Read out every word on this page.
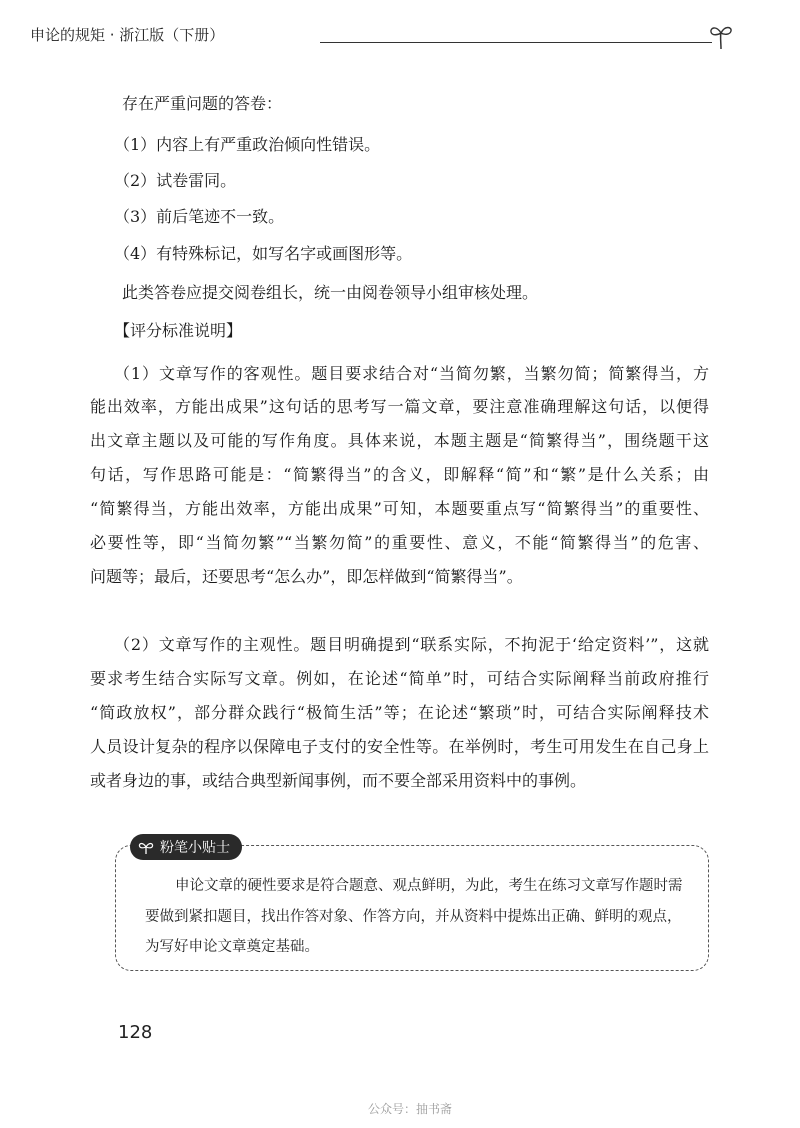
申论的规矩 · 浙江版（下册）
存在严重问题的答卷：
（1）内容上有严重政治倾向性错误。
（2）试卷雷同。
（3）前后笔迹不一致。
（4）有特殊标记，如写名字或画图形等。
此类答卷应提交阅卷组长，统一由阅卷领导小组审核处理。
【评分标准说明】
（1）文章写作的客观性。题目要求结合对“当简勿繁，当繁勿简；简繁得当，方
能出效率，方能出成果”这句话的思考写一篇文章，要注意准确理解这句话，以便得
出文章主题以及可能的写作角度。具体来说，本题主题是“简繁得当”，围绕题干这
句话，写作思路可能是：“简繁得当”的含义，即解释“简”和“繁”是什么关系；由
“简繁得当，方能出效率，方能出成果”可知，本题要重点写“简繁得当”的重要性、
必要性等，即“当简勿繁”“当繁勿简”的重要性、意义，不能“简繁得当”的危害、
问题等；最后，还要思考“怎么办”，即怎样做到“简繁得当”。
（2）文章写作的主观性。题目明确提到“联系实际，不拘泥于‘给定资料’”，这就
要求考生结合实际写文章。例如，在论述“简单”时，可结合实际阐释当前政府推行
“简政放权”，部分群众践行“极简生活”等；在论述“繁琐”时，可结合实际阐释技术
人员设计复杂的程序以保障电子支付的安全性等。在举例时，考生可用发生在自己身上
或者身边的事，或结合典型新闻事例，而不要全部采用资料中的事例。
粉笔小贴士
申论文章的硬性要求是符合题意、观点鲜明，为此，考生在练习文章写作题时需
要做到紧扣题目，找出作答对象、作答方向，并从资料中提炼出正确、鲜明的观点，
为写好申论文章奠定基础。
128
公众号：抽书斋
